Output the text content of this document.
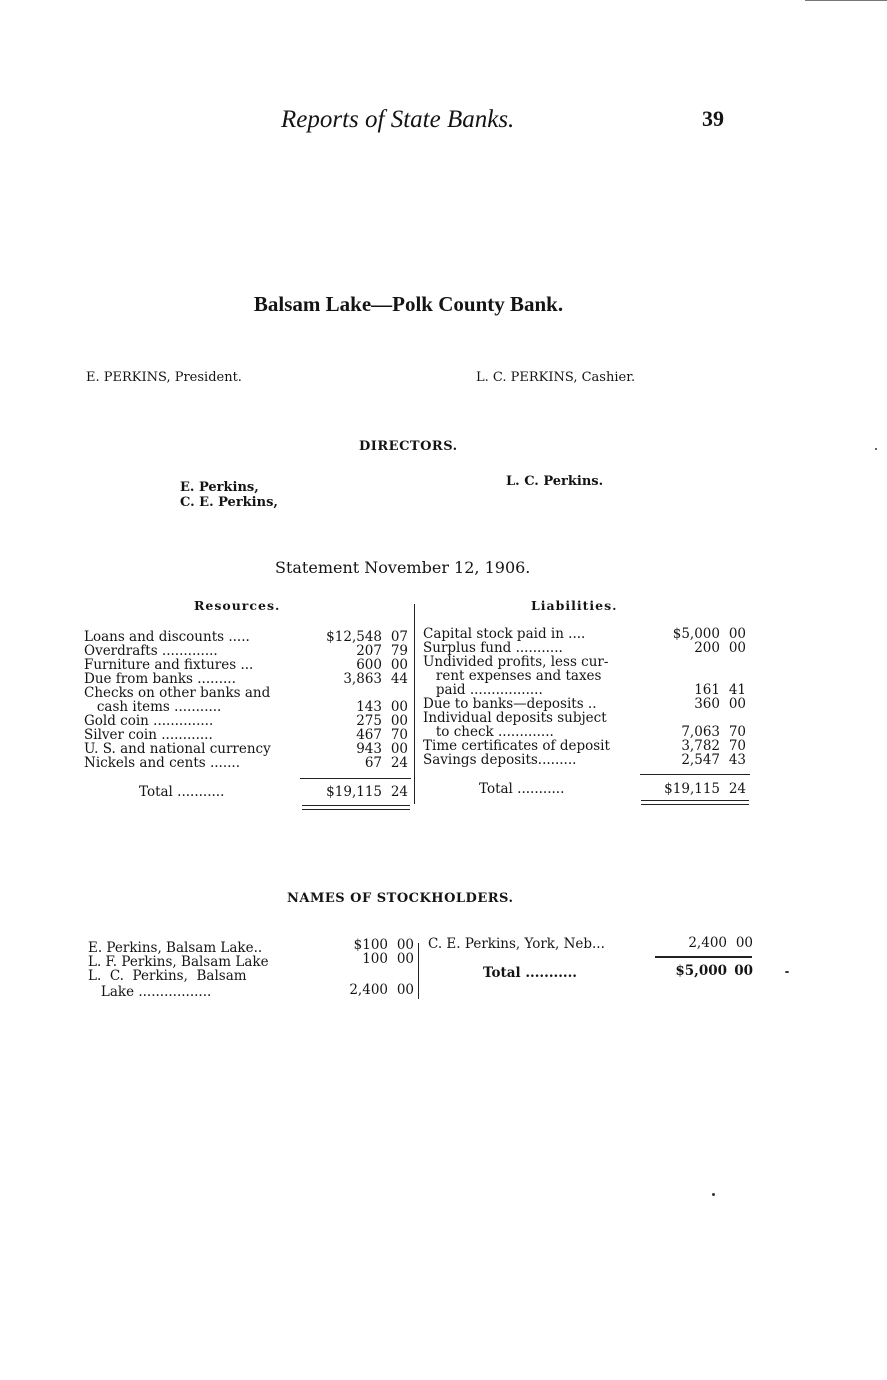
Reports of State Banks.	39
Balsam Lake—Polk County Bank.
E. PERKINS, President.	L. C. PERKINS, Cashier.
DIRECTORS.
E. Perkins,
C. E. Perkins,
L. C. Perkins.
Statement November 12, 1906.
Resources.	Liabilities.
Loans and discounts .....	$12,548 07
Overdrafts .............	207 79
Furniture and fixtures ...	600 00
Due from banks .........	3,863 44
Checks on other banks and
cash items ...........	143 00
Gold coin ..............	275 00
Silver coin ............	467 70
U. S. and national currency	943 00
Nickels and cents .......	67 24
Total ...........	$19,115 24
Capital stock paid in ....	$5,000 00
Surplus fund ...........	200 00
Undivided profits, less cur-
rent expenses and taxes
paid .................	161 41
Due to banks—deposits ..	360 00
Individual deposits subject
to check .............	7,063 70
Time certificates of deposit	3,782 70
Savings deposits.........	2,547 43
Total ...........	$19,115 24
NAMES OF STOCKHOLDERS.
E. Perkins, Balsam Lake..	$100 00
L. F. Perkins, Balsam Lake	100 00
L.  C.  Perkins,  Balsam
Lake .................	2,400 00
C. E. Perkins, York, Neb...	2,400 00
Total ...........	$5,000 00
